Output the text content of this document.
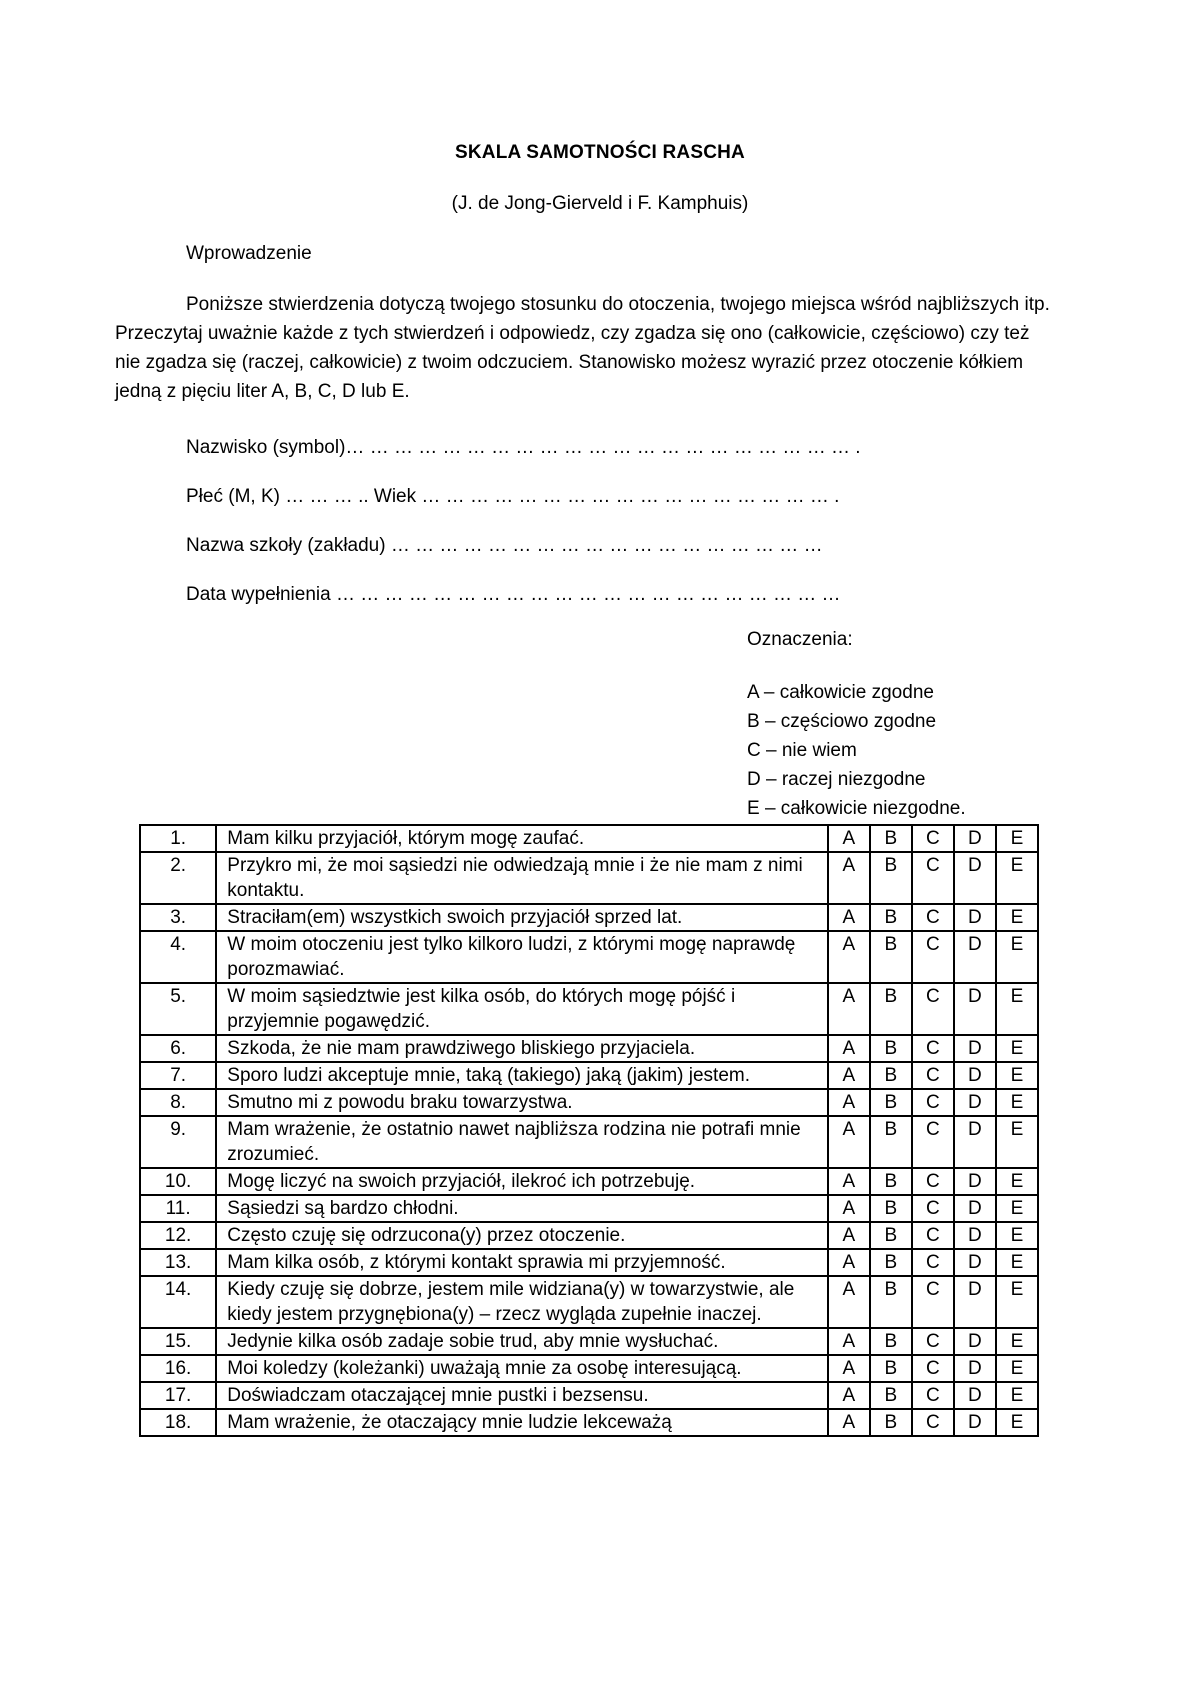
SKALA SAMOTNOŚCI RASCHA
(J. de Jong-Gierveld i F. Kamphuis)
Wprowadzenie
Poniższe stwierdzenia dotyczą twojego stosunku do otoczenia, twojego miejsca wśród najbliższych itp. Przeczytaj uważnie każde z tych stwierdzeń i odpowiedz, czy zgadza się ono (całkowicie, częściowo) czy też nie zgadza się (raczej, całkowicie) z twoim odczuciem. Stanowisko możesz wyrazić przez otoczenie kółkiem jedną z pięciu liter A, B, C, D lub E.
Nazwisko (symbol)… … … … … … … … … … … … … … … … … … … … … .
Płeć (M, K) … … … .. Wiek … … … … … … … … … … … … … … … … … .
Nazwa szkoły (zakładu) … … … … … … … … … … … … … … … … … …
Data wypełnienia … … … … … … … … … … … … … … … … … … … … …
Oznaczenia:
A – całkowicie zgodne
B – częściowo zgodne
C – nie wiem
D – raczej niezgodne
E – całkowicie niezgodne.
1.	Mam kilku przyjaciół, którym mogę zaufać.	A	B	C	D	E
2.	Przykro mi, że moi sąsiedzi nie odwiedzają mnie i że nie mam z nimi kontaktu.	A	B	C	D	E
3.	Straciłam(em) wszystkich swoich przyjaciół sprzed lat.	A	B	C	D	E
4.	W moim otoczeniu jest tylko kilkoro ludzi, z którymi mogę naprawdę porozmawiać.	A	B	C	D	E
5.	W moim sąsiedztwie jest kilka osób, do których mogę pójść i przyjemnie pogawędzić.	A	B	C	D	E
6.	Szkoda, że nie mam prawdziwego bliskiego przyjaciela.	A	B	C	D	E
7.	Sporo ludzi akceptuje mnie, taką (takiego) jaką (jakim) jestem.	A	B	C	D	E
8.	Smutno mi z powodu braku towarzystwa.	A	B	C	D	E
9.	Mam wrażenie, że ostatnio nawet najbliższa rodzina nie potrafi mnie zrozumieć.	A	B	C	D	E
10.	Mogę liczyć na swoich przyjaciół, ilekroć ich potrzebuję.	A	B	C	D	E
11.	Sąsiedzi są bardzo chłodni.	A	B	C	D	E
12.	Często czuję się odrzucona(y) przez otoczenie.	A	B	C	D	E
13.	Mam kilka osób, z którymi kontakt sprawia mi przyjemność.	A	B	C	D	E
14.	Kiedy czuję się dobrze, jestem mile widziana(y) w towarzystwie, ale kiedy jestem przygnębiona(y) – rzecz wygląda zupełnie inaczej.	A	B	C	D	E
15.	Jedynie kilka osób zadaje sobie trud, aby mnie wysłuchać.	A	B	C	D	E
16.	Moi koledzy (koleżanki) uważają mnie za osobę interesującą.	A	B	C	D	E
17.	Doświadczam otaczającej mnie pustki i bezsensu.	A	B	C	D	E
18.	Mam wrażenie, że otaczający mnie ludzie lekceważą	A	B	C	D	E
